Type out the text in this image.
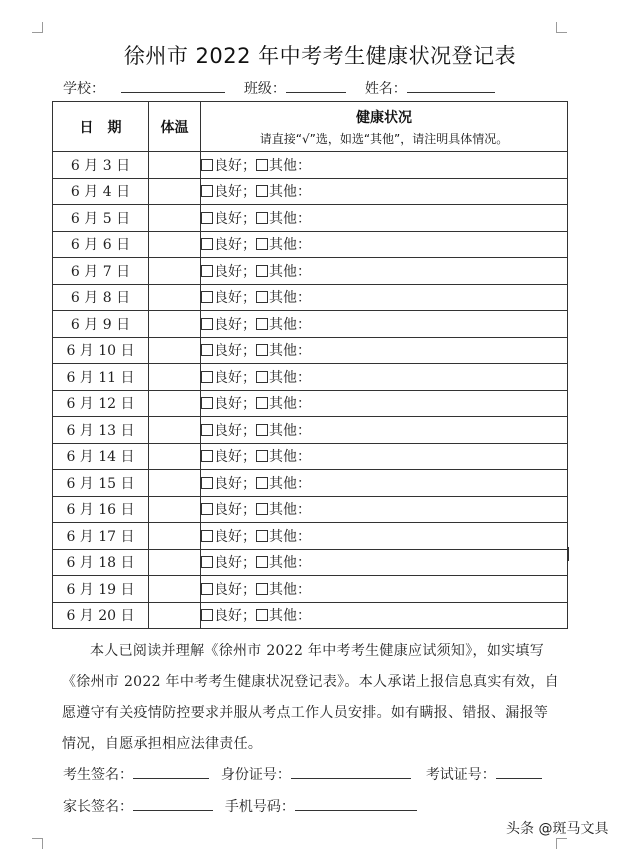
徐州市 2022 年中考考生健康状况登记表
学校：	班级：	姓名：
日　期	体温	健康状况
请直接“√”选，如选“其他”，请注明具体情况。

6 月 3 日		良好； 其他：
6 月 4 日		良好； 其他：
6 月 5 日		良好； 其他：
6 月 6 日		良好； 其他：
6 月 7 日		良好； 其他：
6 月 8 日		良好； 其他：
6 月 9 日		良好； 其他：
6 月 10 日		良好； 其他：
6 月 11 日		良好； 其他：
6 月 12 日		良好； 其他：
6 月 13 日		良好； 其他：
6 月 14 日		良好； 其他：
6 月 15 日		良好； 其他：
6 月 16 日		良好； 其他：
6 月 17 日		良好； 其他：
6 月 18 日		良好； 其他：
6 月 19 日		良好； 其他：
6 月 20 日		良好； 其他：
本人已阅读并理解《徐州市 2022 年中考考生健康应试须知》，如实填写《徐州市 2022 年中考考生健康状况登记表》。本人承诺上报信息真实有效，自愿遵守有关疫情防控要求并服从考点工作人员安排。如有瞒报、错报、漏报等情况，自愿承担相应法律责任。
考生签名：	身份证号：	考试证号：
家长签名：	手机号码：
头条 @斑马文具
